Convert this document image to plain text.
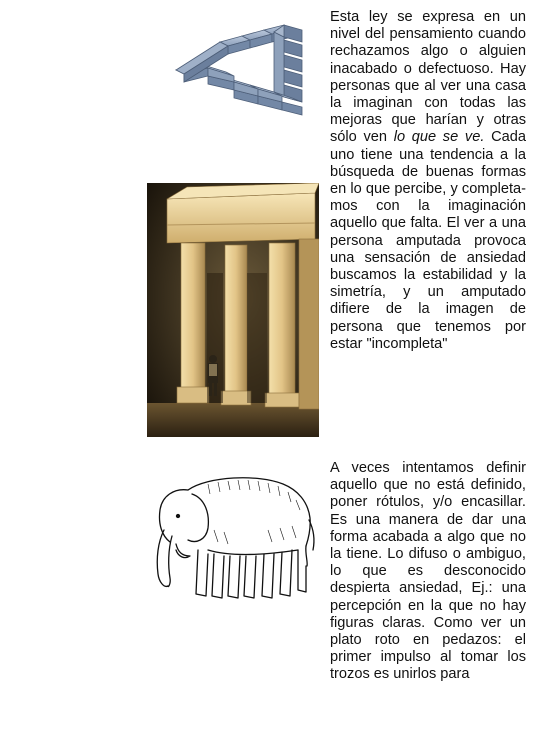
Esta ley se expresa en un nivel del pensamiento cuando rechazamos algo o alguien inacabado o defectuoso. Hay personas que al ver una casa la imaginan con todas las mejoras que harían y otras sólo ven lo que se ve. Cada uno tiene una tendencia a la búsqueda de buenas formas en lo que percibe, y completamos con la imaginación aquello que falta. El ver a una persona amputada provoca una sensación de ansiedad buscamos la estabilidad y la simetría, y un amputado difiere de la imagen de persona que tenemos por estar "incompleta"
A veces intentamos definir aquello que no está definido, poner rótulos, y/o encasillar. Es una manera de dar una forma acabada a algo que no la tiene. Lo difuso o ambiguo, lo que es desconocido despierta ansiedad, Ej.: una percepción en la que no hay figuras claras. Como ver un plato roto en pedazos: el primer impulso al tomar los trozos es unirlos para
